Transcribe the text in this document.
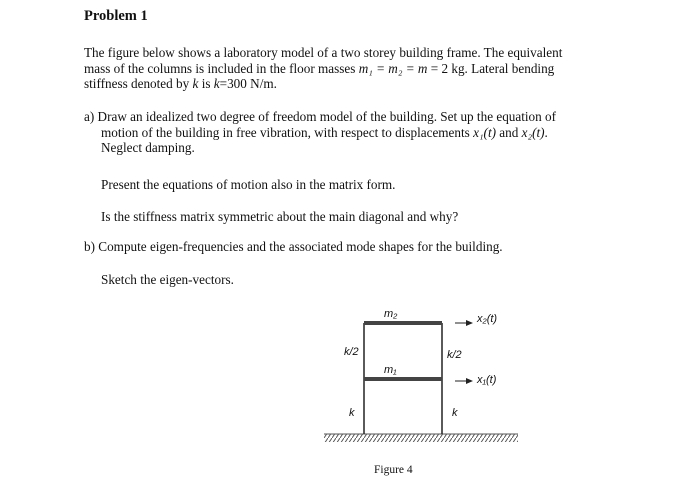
Problem 1
The figure below shows a laboratory model of a two storey building frame. The equivalent
mass of the columns is included in the floor masses m₁ = m₂ = m = 2 kg. Lateral bending
stiffness denoted by k is k=300 N/m.
a) Draw an idealized two degree of freedom model of the building. Set up the equation of
motion of the building in free vibration, with respect to displacements x₁(t) and x₂(t).
Neglect damping.
Present the equations of motion also in the matrix form.
Is the stiffness matrix symmetric about the main diagonal and why?
b) Compute eigen-frequencies and the associated mode shapes for the building.
Sketch the eigen-vectors.
m₂
m₁
x₂(t)
x₁(t)
k/2	k/2
k	k
Figure 4
